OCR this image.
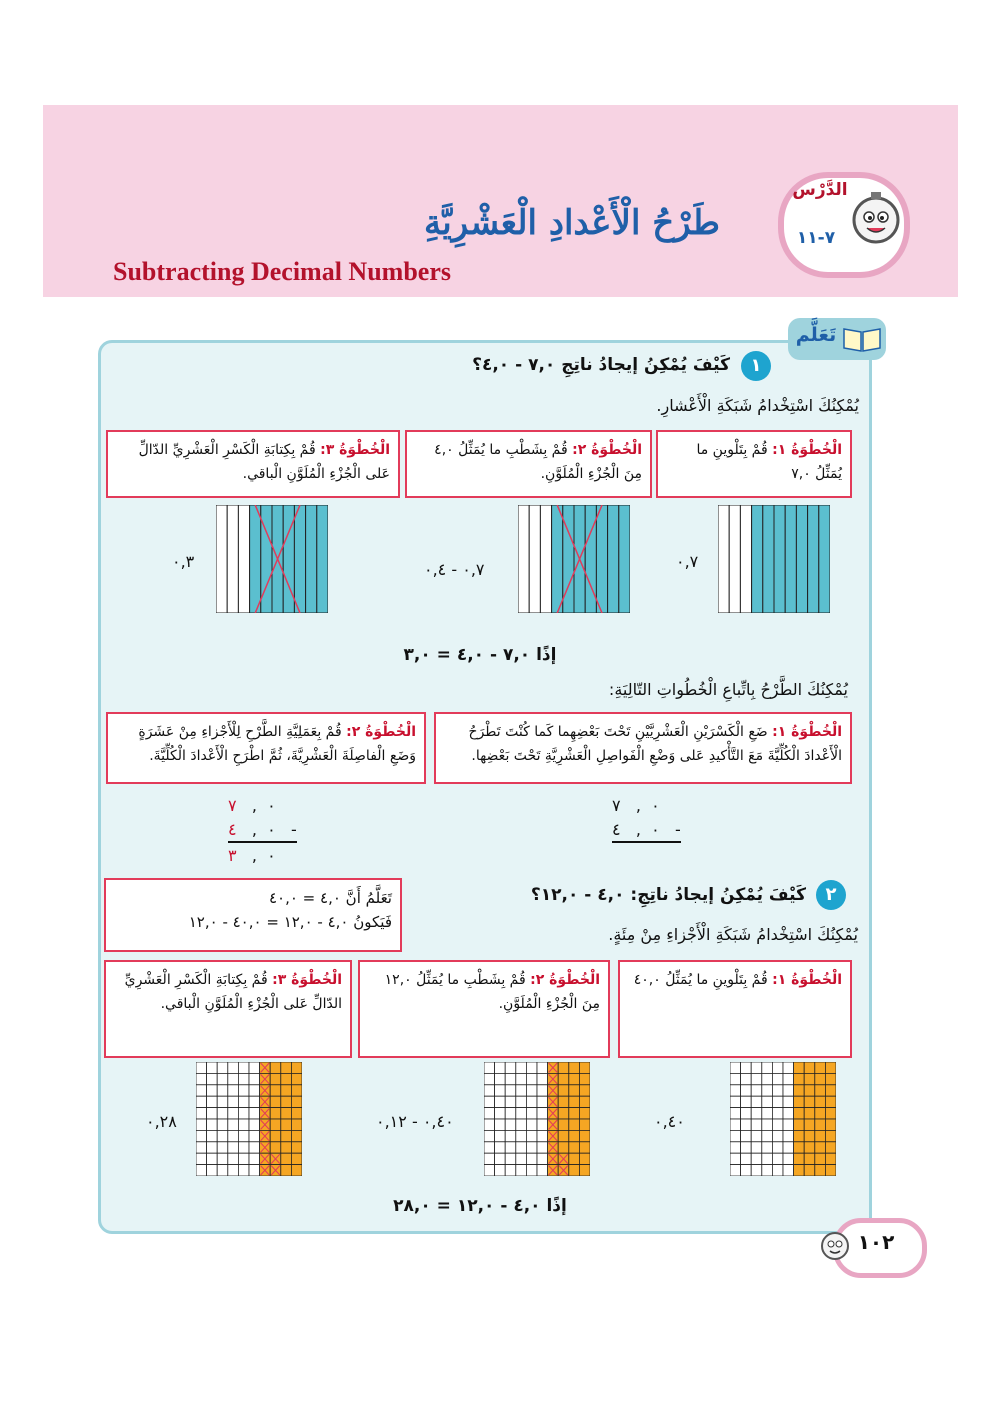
الدَّرْس
٧-١١
طَرْحُ الْأَعْدادِ الْعَشْرِيَّةِ
Subtracting Decimal Numbers
تَعَلَّم
١
كَيْفَ يُمْكِنُ إيجادُ ناتِجِ ٧,٠ - ٤,٠؟
يُمْكِنُكَ اسْتِخْدامُ شَبَكَةِ الْأَعْشارِ.
الْخُطْوَةُ ١: قُمْ بِتَلْوينِ ما يُمَثِّلُ ٧,٠
الْخُطْوَةُ ٢: قُمْ بِشَطْبِ ما يُمَثِّلُ ٤,٠ مِنَ الْجُزْءِ الْمُلَوَّنِ.
الْخُطْوَةُ ٣: قُمْ بِكِتابَةِ الْكَسْرِ الْعَشْرِيِّ الدّالِّ عَلى الْجُزْءِ الْمُلَوَّنِ الْباقي.
٠,٧
٠,٧ - ٠,٤
٠,٣
إذًا ٧,٠ - ٤,٠ = ٣,٠
يُمْكِنُكَ الطَّرْحُ بِاتِّباعِ الْخُطُواتِ التّالِيَةِ:
الْخُطْوَةُ ١: ضَعِ الْكَسْرَيْنِ الْعَشْرِيَّيْنِ تَحْتَ بَعْضِهِما كَما كُنْتَ تَطْرَحُ الْأَعْدادَ الْكُلِّيَّةَ مَعَ التَّأْكيدِ عَلى وَضْعِ الْفَواصِلِ الْعَشْرِيَّةِ تَحْتَ بَعْضِها.
الْخُطْوَةُ ٢: قُمْ بِعَمَلِيَّةِ الطَّرْحِ لِلْأَجْزاءِ مِنْ عَشَرَةٍ وَضَعِ الْفاصِلَةَ الْعَشْرِيَّةَ، ثُمَّ اطْرَحِ الْأَعْدادَ الْكُلِّيَّةَ.
٠  ,   ٧
٠  ,   ٤	-
٠  ,   ٧
٠  ,   ٤	-
٠  ,   ٣
٢
كَيْفَ يُمْكِنُ إيجادُ ناتِجِ: ٤,٠ - ١٢,٠؟
يُمْكِنُكَ اسْتِخْدامُ شَبَكَةِ الْأَجْزاءِ مِنْ مِئَةٍ.
تَعَلَّمُ أَنَّ ٤,٠ = ٤٠,٠
فَيَكونُ ٤,٠ - ١٢,٠ = ٤٠,٠ - ١٢,٠
الْخُطْوَةُ ١: قُمْ بِتَلْوينِ ما يُمَثِّلُ ٤٠,٠
الْخُطْوَةُ ٢: قُمْ بِشَطْبِ ما يُمَثِّلُ ١٢,٠ مِنَ الْجُزْءِ الْمُلَوَّنِ.
الْخُطْوَةُ ٣: قُمْ بِكِتابَةِ الْكَسْرِ الْعَشْرِيِّ الدّالِّ عَلى الْجُزْءِ الْمُلَوَّنِ الْباقي.
٠,٤٠
٠,٤٠ - ٠,١٢
٠,٢٨
إذًا ٤,٠ - ١٢,٠ = ٢٨,٠
١٠٢
